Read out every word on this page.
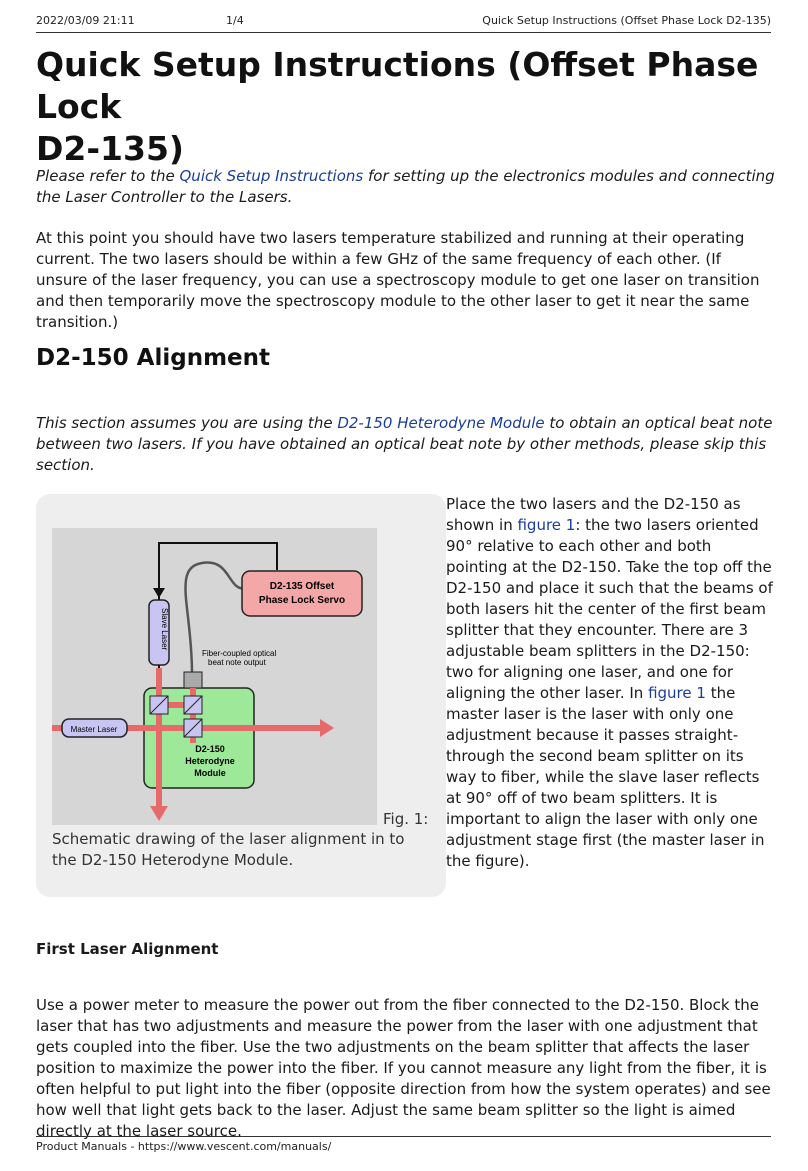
2022/03/09 21:11	1/4	Quick Setup Instructions (Offset Phase Lock D2-135)
Quick Setup Instructions (Offset Phase Lock
D2-135)

Please refer to the Quick Setup Instructions for setting up the electronics modules and connecting the Laser Controller to the Lasers.

At this point you should have two lasers temperature stabilized and running at their operating current. The two lasers should be within a few GHz of the same frequency of each other. (If unsure of the laser frequency, you can use a spectroscopy module to get one laser on transition and then temporarily move the spectroscopy module to the other laser to get it near the same transition.)

D2-150 Alignment

This section assumes you are using the D2-150 Heterodyne Module to obtain an optical beat note between two lasers. If you have obtained an optical beat note by other methods, please skip this section.

D2-135 Offset
Phase Lock Servo
Slave Laser
Fiber-coupled optical
beat note output
Master Laser
D2-150
Heterodyne
Module
Fig. 1:
Schematic drawing of the laser alignment in to the D2-150 Heterodyne Module.

Place the two lasers and the D2-150 as shown in figure 1: the two lasers oriented 90° relative to each other and both pointing at the D2-150. Take the top off the D2-150 and place it such that the beams of both lasers hit the center of the first beam splitter that they encounter. There are 3 adjustable beam splitters in the D2-150: two for aligning one laser, and one for aligning the other laser. In figure 1 the master laser is the laser with only one adjustment because it passes straight-through the second beam splitter on its way to fiber, while the slave laser reflects at 90° off of two beam splitters. It is important to align the laser with only one adjustment stage first (the master laser in the figure).

First Laser Alignment

Use a power meter to measure the power out from the fiber connected to the D2-150. Block the laser that has two adjustments and measure the power from the laser with one adjustment that gets coupled into the fiber. Use the two adjustments on the beam splitter that affects the laser position to maximize the power into the fiber. If you cannot measure any light from the fiber, it is often helpful to put light into the fiber (opposite direction from how the system operates) and see how well that light gets back to the laser. Adjust the same beam splitter so the light is aimed directly at the laser source.

Product Manuals - https://www.vescent.com/manuals/
